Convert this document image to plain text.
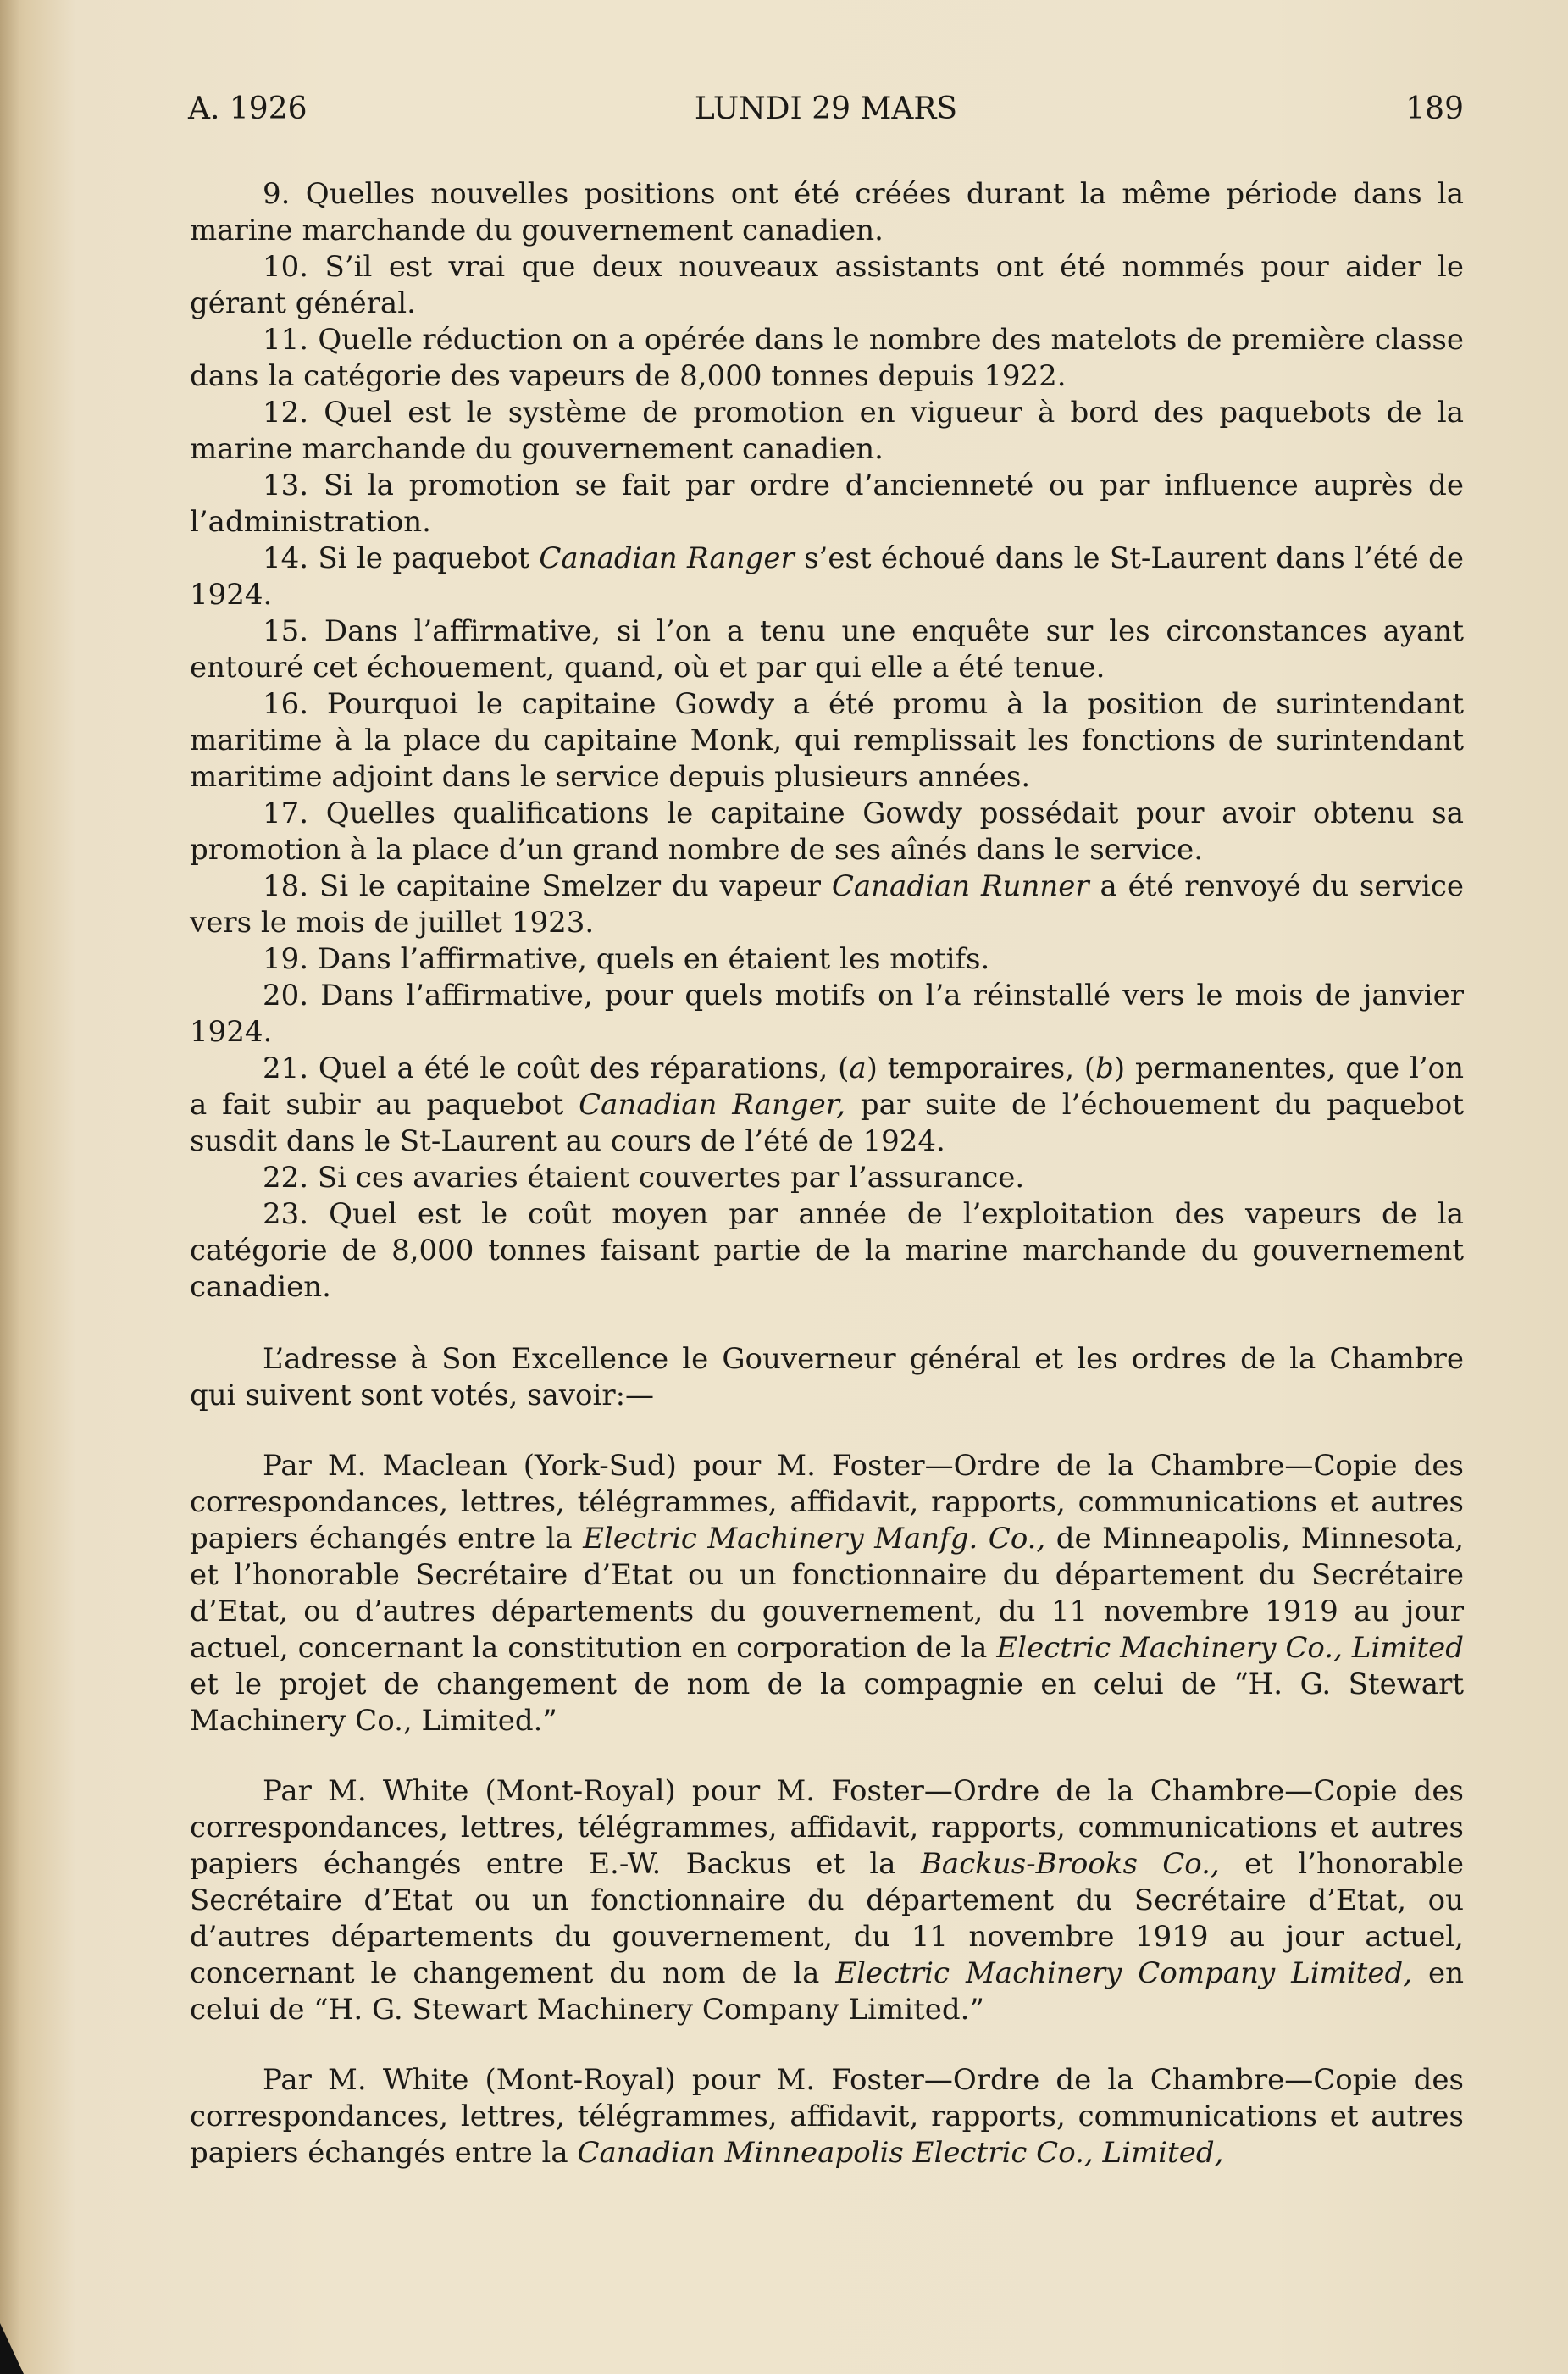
A. 1926	LUNDI 29 MARS	189

9. Quelles nouvelles positions ont été créées durant la même période dans la marine marchande du gouvernement canadien.

10. S’il est vrai que deux nouveaux assistants ont été nommés pour aider le gérant général.

11. Quelle réduction on a opérée dans le nombre des matelots de première classe dans la catégorie des vapeurs de 8,000 tonnes depuis 1922.

12. Quel est le système de promotion en vigueur à bord des paquebots de la marine marchande du gouvernement canadien.

13. Si la promotion se fait par ordre d’ancienneté ou par influence auprès de l’administration.

14. Si le paquebot Canadian Ranger s’est échoué dans le St-Laurent dans l’été de 1924.

15. Dans l’affirmative, si l’on a tenu une enquête sur les circonstances ayant entouré cet échouement, quand, où et par qui elle a été tenue.

16. Pourquoi le capitaine Gowdy a été promu à la position de surintendant maritime à la place du capitaine Monk, qui remplissait les fonctions de surintendant maritime adjoint dans le service depuis plusieurs années.

17. Quelles qualifications le capitaine Gowdy possédait pour avoir obtenu sa promotion à la place d’un grand nombre de ses aînés dans le service.

18. Si le capitaine Smelzer du vapeur Canadian Runner a été renvoyé du service vers le mois de juillet 1923.

19. Dans l’affirmative, quels en étaient les motifs.

20. Dans l’affirmative, pour quels motifs on l’a réinstallé vers le mois de janvier 1924.

21. Quel a été le coût des réparations, (a) temporaires, (b) permanentes, que l’on a fait subir au paquebot Canadian Ranger, par suite de l’échouement du paquebot susdit dans le St-Laurent au cours de l’été de 1924.

22. Si ces avaries étaient couvertes par l’assurance.

23. Quel est le coût moyen par année de l’exploitation des vapeurs de la catégorie de 8,000 tonnes faisant partie de la marine marchande du gouvernement canadien.

L’adresse à Son Excellence le Gouverneur général et les ordres de la Chambre qui suivent sont votés, savoir:—

Par M. Maclean (York-Sud) pour M. Foster—Ordre de la Chambre—Copie des correspondances, lettres, télégrammes, affidavit, rapports, communications et autres papiers échangés entre la Electric Machinery Manfg. Co., de Minneapolis, Minnesota, et l’honorable Secrétaire d’Etat ou un fonctionnaire du département du Secrétaire d’Etat, ou d’autres départements du gouvernement, du 11 novembre 1919 au jour actuel, concernant la constitution en corporation de la Electric Machinery Co., Limited et le projet de changement de nom de la compagnie en celui de “H. G. Stewart Machinery Co., Limited.”

Par M. White (Mont-Royal) pour M. Foster—Ordre de la Chambre—Copie des correspondances, lettres, télégrammes, affidavit, rapports, communications et autres papiers échangés entre E.-W. Backus et la Backus-Brooks Co., et l’honorable Secrétaire d’Etat ou un fonctionnaire du département du Secrétaire d’Etat, ou d’autres départements du gouvernement, du 11 novembre 1919 au jour actuel, concernant le changement du nom de la Electric Machinery Company Limited, en celui de “H. G. Stewart Machinery Company Limited.”

Par M. White (Mont-Royal) pour M. Foster—Ordre de la Chambre—Copie des correspondances, lettres, télégrammes, affidavit, rapports, communications et autres papiers échangés entre la Canadian Minneapolis Electric Co., Limited,
